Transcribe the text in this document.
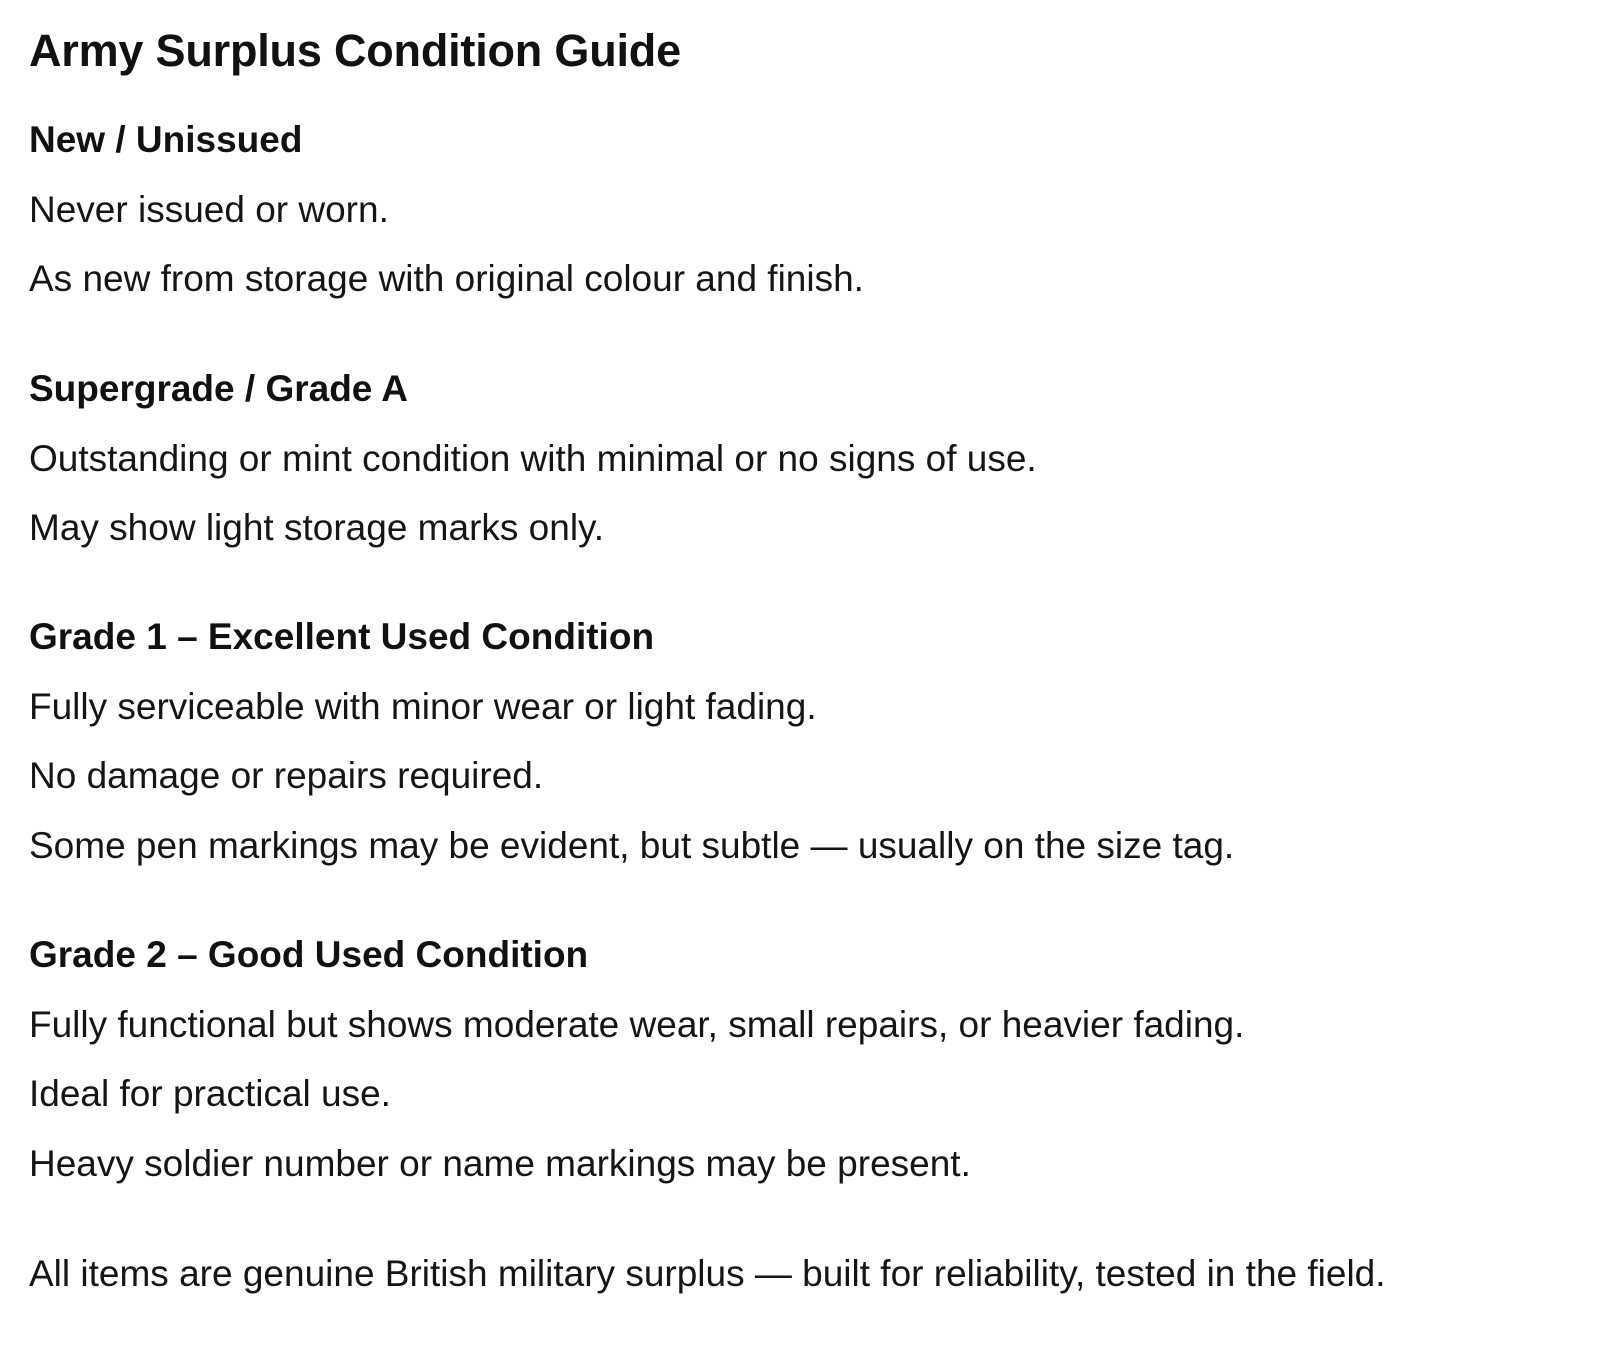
Army Surplus Condition Guide
New / Unissued
Never issued or worn.
As new from storage with original colour and finish.
Supergrade / Grade A
Outstanding or mint condition with minimal or no signs of use.
May show light storage marks only.
Grade 1 – Excellent Used Condition
Fully serviceable with minor wear or light fading.
No damage or repairs required.
Some pen markings may be evident, but subtle — usually on the size tag.
Grade 2 – Good Used Condition
Fully functional but shows moderate wear, small repairs, or heavier fading.
Ideal for practical use.
Heavy soldier number or name markings may be present.
All items are genuine British military surplus — built for reliability, tested in the field.
